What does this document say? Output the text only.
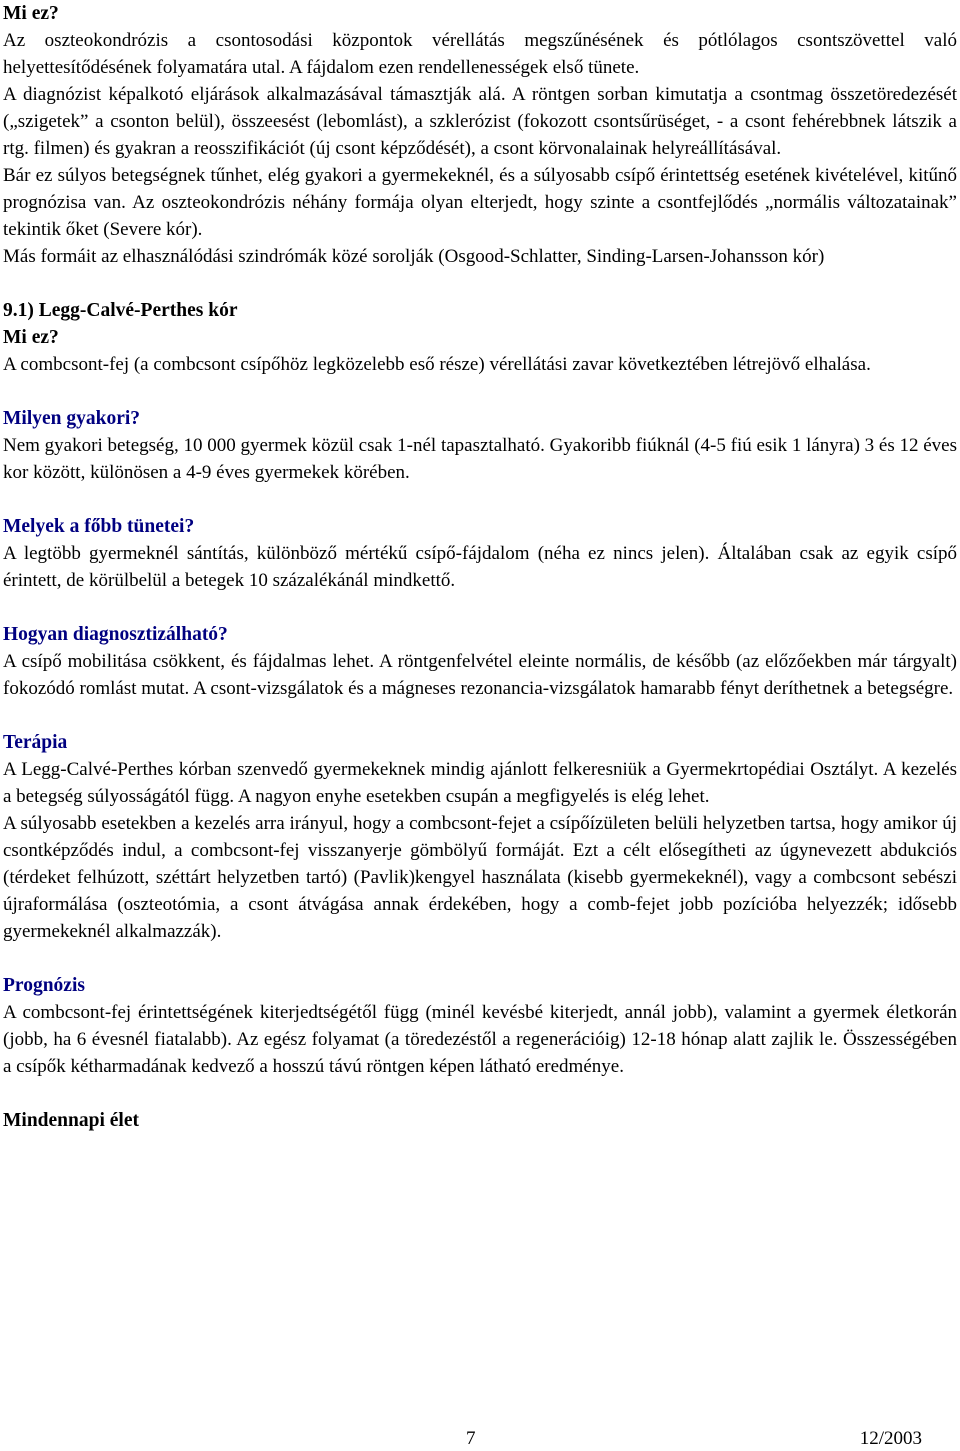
Mi ez?

Az oszteokondrózis a csontosodási központok vérellátás megszűnésének és pótlólagos csontszövettel való helyettesítődésének folyamatára utal. A fájdalom ezen rendellenességek első tünete.

A diagnózist képalkotó eljárások alkalmazásával támasztják alá. A röntgen sorban kimutatja a csontmag összetöredezését („szigetek” a csonton belül), összeesést (lebomlást), a szklerózist (fokozott csontsűrüséget, - a csont fehérebbnek látszik a rtg. filmen) és gyakran a reosszifikációt (új csont képződését), a csont körvonalainak helyreállításával.

Bár ez súlyos betegségnek tűnhet, elég gyakori a gyermekeknél, és a súlyosabb csípő érintettség esetének kivételével, kitűnő prognózisa van. Az oszteokondrózis néhány formája olyan elterjedt, hogy szinte a csontfejlődés „normális változatainak” tekintik őket (Severe kór).

Más formáit az elhasználódási szindrómák közé sorolják (Osgood-Schlatter, Sinding-Larsen-Johansson kór)

9.1) Legg-Calvé-Perthes kór

Mi ez?

A combcsont-fej (a combcsont csípőhöz legközelebb eső része) vérellátási zavar következtében létrejövő elhalása.

Milyen gyakori?

Nem gyakori betegség, 10 000 gyermek közül csak 1-nél tapasztalható. Gyakoribb fiúknál (4-5 fiú esik 1 lányra) 3 és 12 éves kor között, különösen a 4-9 éves gyermekek körében.

Melyek a főbb tünetei?

A legtöbb gyermeknél sántítás, különböző mértékű csípő-fájdalom (néha ez nincs jelen). Általában csak az egyik csípő érintett, de körülbelül a betegek 10 százalékánál mindkettő.

Hogyan diagnosztizálható?

A csípő mobilitása csökkent, és fájdalmas lehet. A röntgenfelvétel eleinte normális, de később (az előzőekben már tárgyalt) fokozódó romlást mutat. A csont-vizsgálatok és a mágneses rezonancia-vizsgálatok hamarabb fényt deríthetnek a betegségre.

Terápia

A Legg-Calvé-Perthes kórban szenvedő gyermekeknek mindig ajánlott felkeresniük a Gyermekrtopédiai Osztályt. A kezelés a betegség súlyosságától függ. A nagyon enyhe esetekben csupán a megfigyelés is elég lehet.

A súlyosabb esetekben a kezelés arra irányul, hogy a combcsont-fejet a csípőízületen belüli helyzetben tartsa, hogy amikor új csontképződés indul, a combcsont-fej visszanyerje gömbölyű formáját. Ezt a célt elősegítheti az úgynevezett abdukciós (térdeket felhúzott, széttárt helyzetben tartó) (Pavlik)kengyel használata (kisebb gyermekeknél), vagy a combcsont sebészi újraformálása (oszteotómia, a csont átvágása annak érdekében, hogy a comb-fejet jobb pozícióba helyezzék; idősebb gyermekeknél alkalmazzák).

Prognózis

A combcsont-fej érintettségének kiterjedtségétől függ (minél kevésbé kiterjedt, annál jobb), valamint a gyermek életkorán (jobb, ha 6 évesnél fiatalabb). Az egész folyamat (a töredezéstől a regenerációig) 12-18 hónap alatt zajlik le. Összességében a csípők kétharmadának kedvező a hosszú távú röntgen képen látható eredménye.

Mindennapi élet

7	12/2003
